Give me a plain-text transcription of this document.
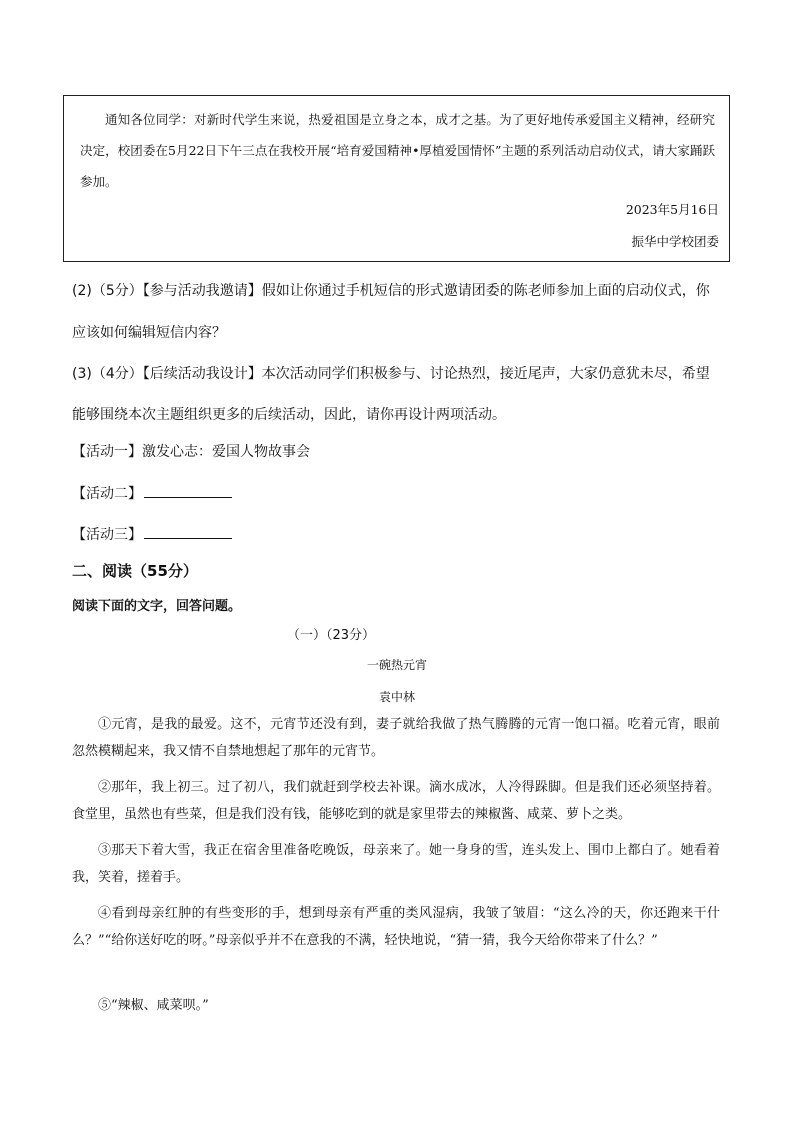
通知各位同学：对新时代学生来说，热爱祖国是立身之本，成才之基。为了更好地传承爱国主义精神，经研究决定，校团委在5月22日下午三点在我校开展“培育爱国精神•厚植爱国情怀”主题的系列活动启动仪式，请大家踊跃参加。
2023年5月16日
振华中学校团委
(2)（5分）【参与活动我邀请】假如让你通过手机短信的形式邀请团委的陈老师参加上面的启动仪式，你应该如何编辑短信内容？
(3)（4分）【后续活动我设计】本次活动同学们积极参与、讨论热烈，接近尾声，大家仍意犹未尽，希望能够围绕本次主题组织更多的后续活动，因此，请你再设计两项活动。
【活动一】激发心志：爱国人物故事会
【活动二】
【活动三】
二、阅读（55分）
阅读下面的文字，回答问题。
（一）（23分）
一碗热元宵
袁中林
①元宵，是我的最爱。这不，元宵节还没有到，妻子就给我做了热气腾腾的元宵一饱口福。吃着元宵，眼前忽然模糊起来，我又情不自禁地想起了那年的元宵节。
②那年，我上初三。过了初八，我们就赶到学校去补课。滴水成冰，人冷得跺脚。但是我们还必须坚持着。食堂里，虽然也有些菜，但是我们没有钱，能够吃到的就是家里带去的辣椒酱、咸菜、萝卜之类。
③那天下着大雪，我正在宿舍里准备吃晚饭，母亲来了。她一身身的雪，连头发上、围巾上都白了。她看着我，笑着，搓着手。
④看到母亲红肿的有些变形的手，想到母亲有严重的类风湿病，我皱了皱眉：“这么冷的天，你还跑来干什么？”“给你送好吃的呀。”母亲似乎并不在意我的不满，轻快地说，“猜一猜，我今天给你带来了什么？”
⑤“辣椒、咸菜呗。”
